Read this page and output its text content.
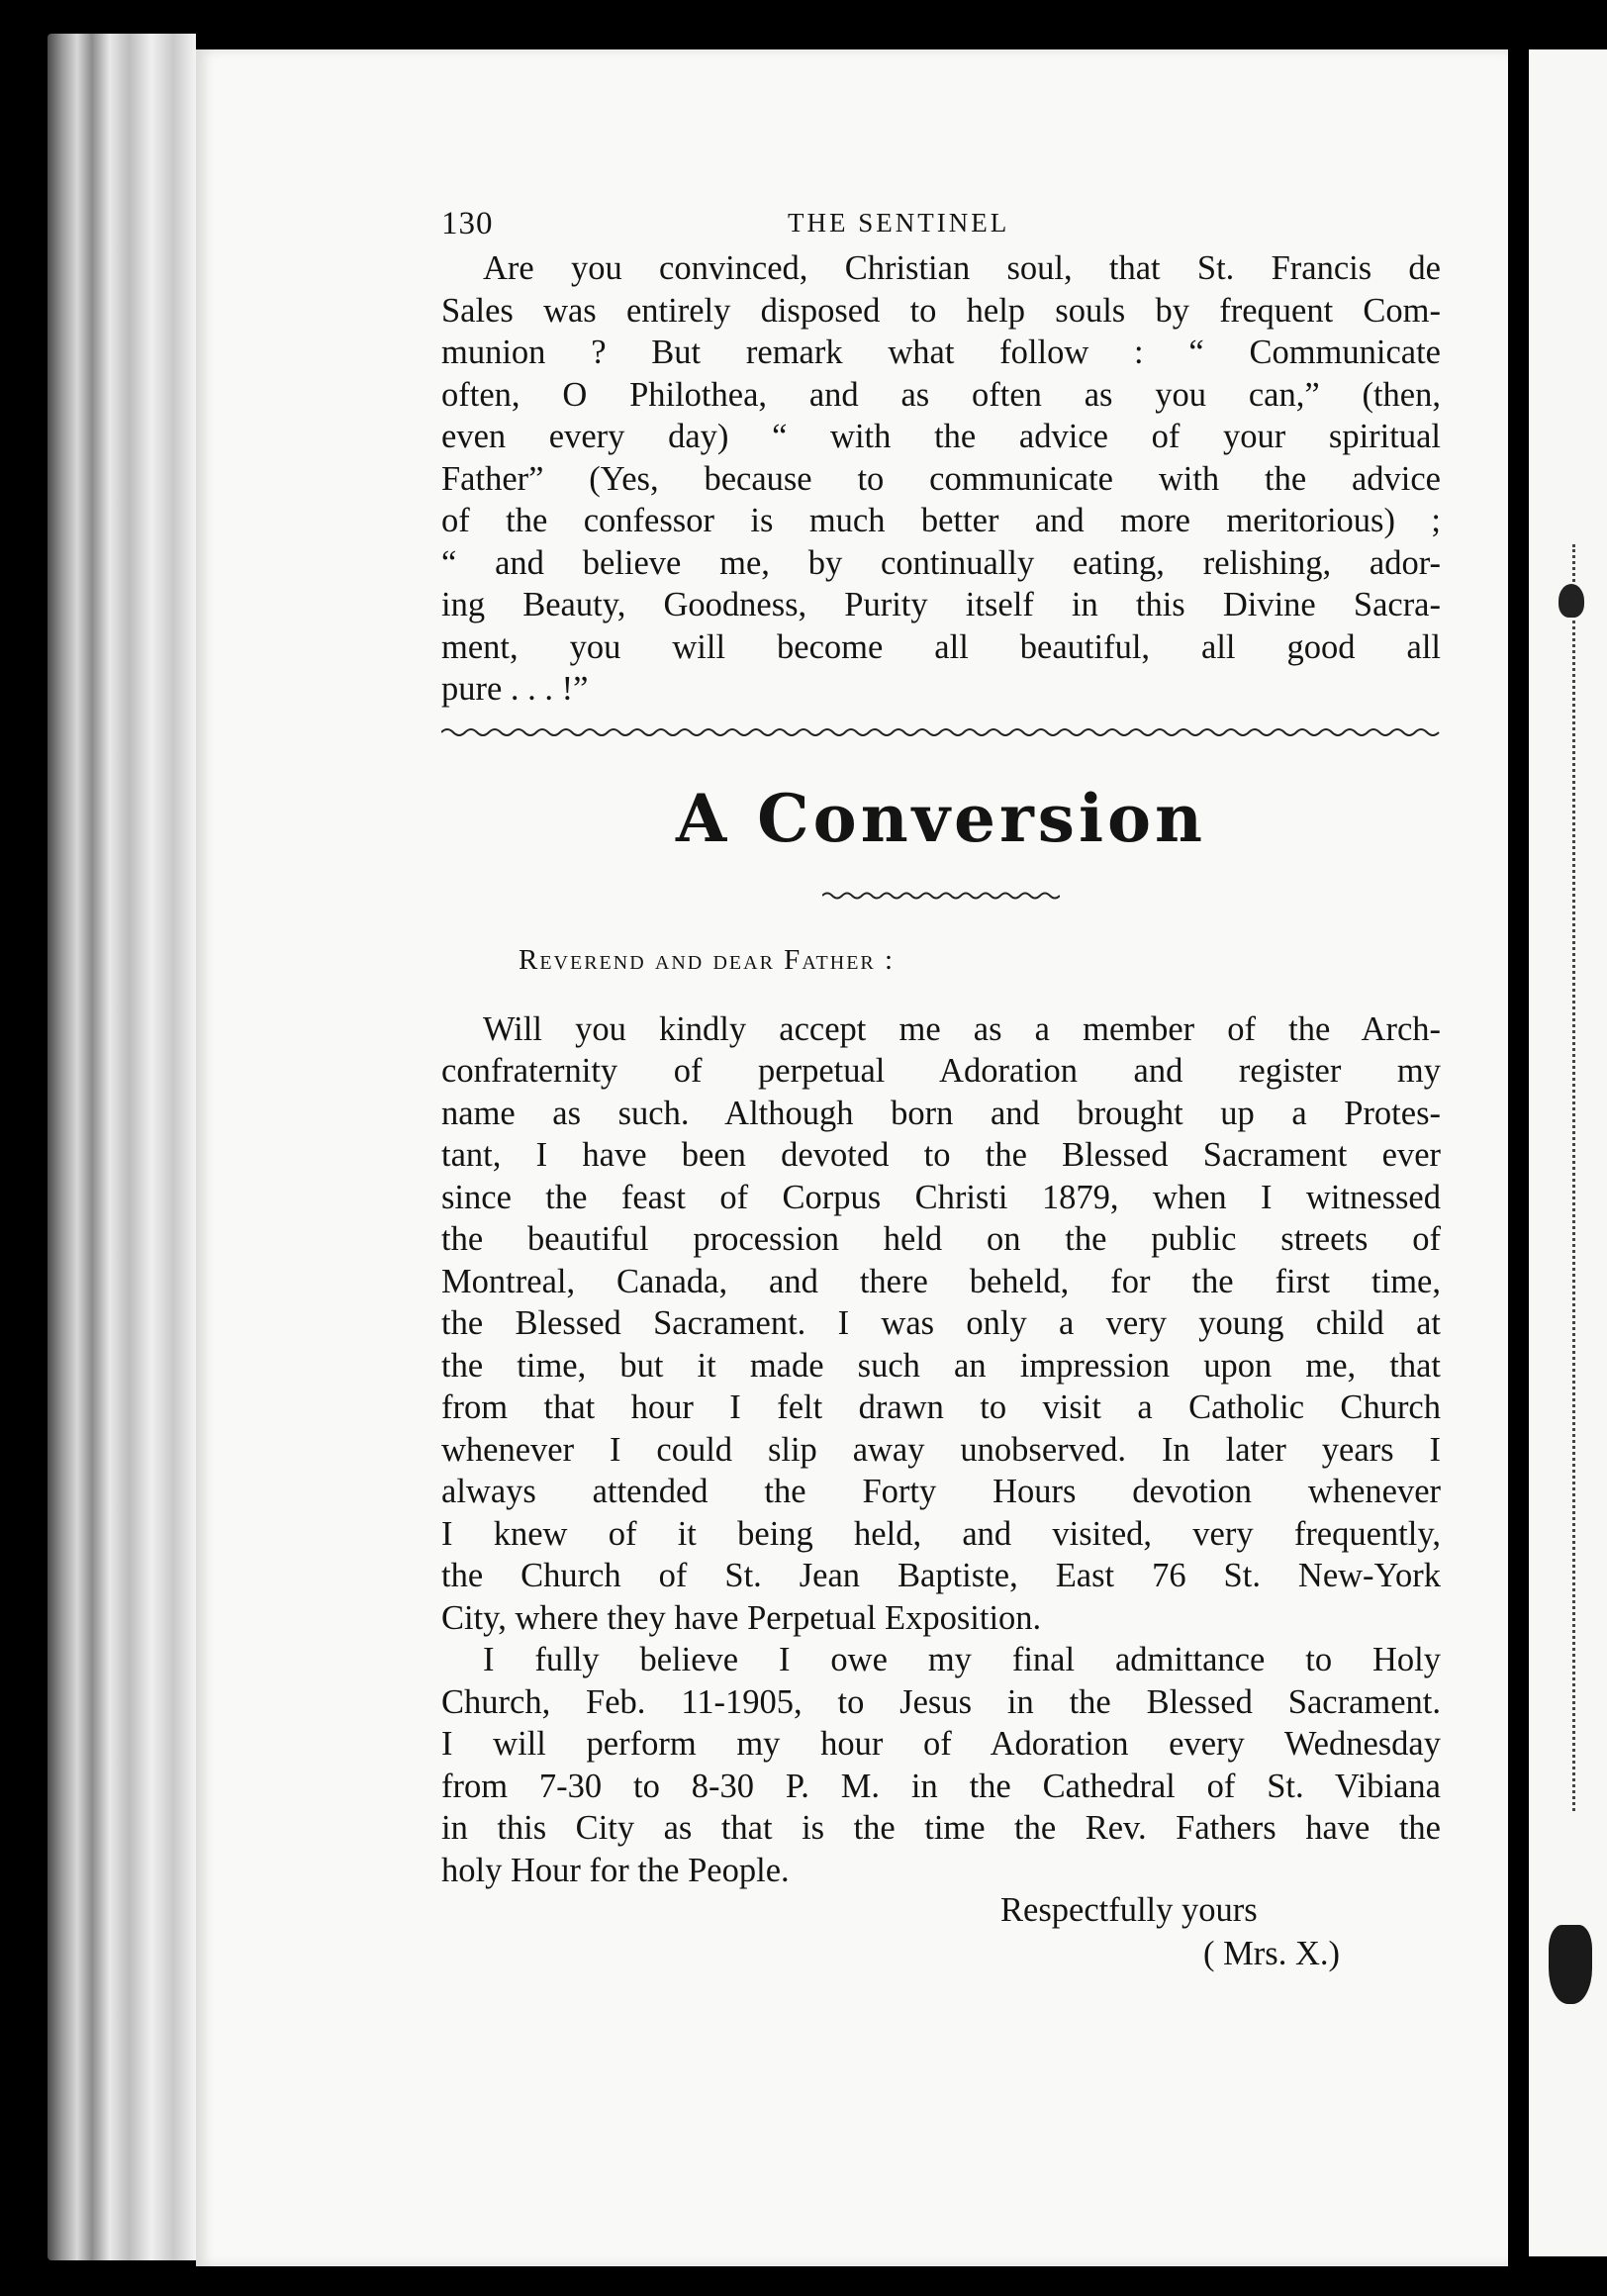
130	THE SENTINEL

Are you convinced, Christian soul, that St. Francis de
Sales was entirely disposed to help souls by frequent Com-
munion ? But remark what follow : “ Communicate
often, O Philothea, and as often as you can,” (then,
even every day) “ with the advice of your spiritual
Father” (Yes, because to communicate with the advice
of the confessor is much better and more meritorious) ;
“ and believe me, by continually eating, relishing, ador-
ing Beauty, Goodness, Purity itself in this Divine Sacra-
ment, you will become all beautiful, all good all
pure . . . !”

A Conversion
Reverend and dear Father :

Will you kindly accept me as a member of the Arch-
confraternity of perpetual Adoration and register my
name as such. Although born and brought up a Protes-
tant, I have been devoted to the Blessed Sacrament ever
since the feast of Corpus Christi 1879, when I witnessed
the beautiful procession held on the public streets of
Montreal, Canada, and there beheld, for the first time,
the Blessed Sacrament. I was only a very young child at
the time, but it made such an impression upon me, that
from that hour I felt drawn to visit a Catholic Church
whenever I could slip away unobserved. In later years I
always attended the Forty Hours devotion whenever
I knew of it being held, and visited, very frequently,
the Church of St. Jean Baptiste, East 76 St. New-York
City, where they have Perpetual Exposition.

I fully believe I owe my final admittance to Holy
Church, Feb. 11-1905, to Jesus in the Blessed Sacrament.
I will perform my hour of Adoration every Wednesday
from 7-30 to 8-30 P. M. in the Cathedral of St. Vibiana
in this City as that is the time the Rev. Fathers have the
holy Hour for the People.

Respectfully yours
( Mrs. X.)
